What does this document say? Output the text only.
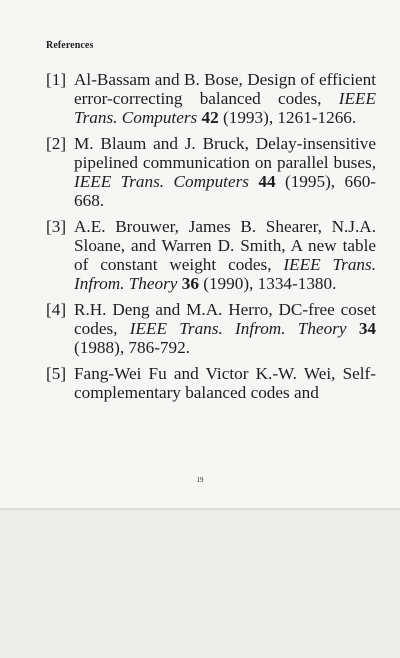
References
[1] Al-Bassam and B. Bose, Design of efficient error-correcting balanced codes, IEEE Trans. Computers 42 (1993), 1261-1266.
[2] M. Blaum and J. Bruck, Delay-insensitive pipelined communication on parallel buses, IEEE Trans. Computers 44 (1995), 660-668.
[3] A.E. Brouwer, James B. Shearer, N.J.A. Sloane, and Warren D. Smith, A new table of constant weight codes, IEEE Trans. Infrom. Theory 36 (1990), 1334-1380.
[4] R.H. Deng and M.A. Herro, DC-free coset codes, IEEE Trans. Infrom. Theory 34 (1988), 786-792.
[5] Fang-Wei Fu and Victor K.-W. Wei, Self-complementary balanced codes and
19
